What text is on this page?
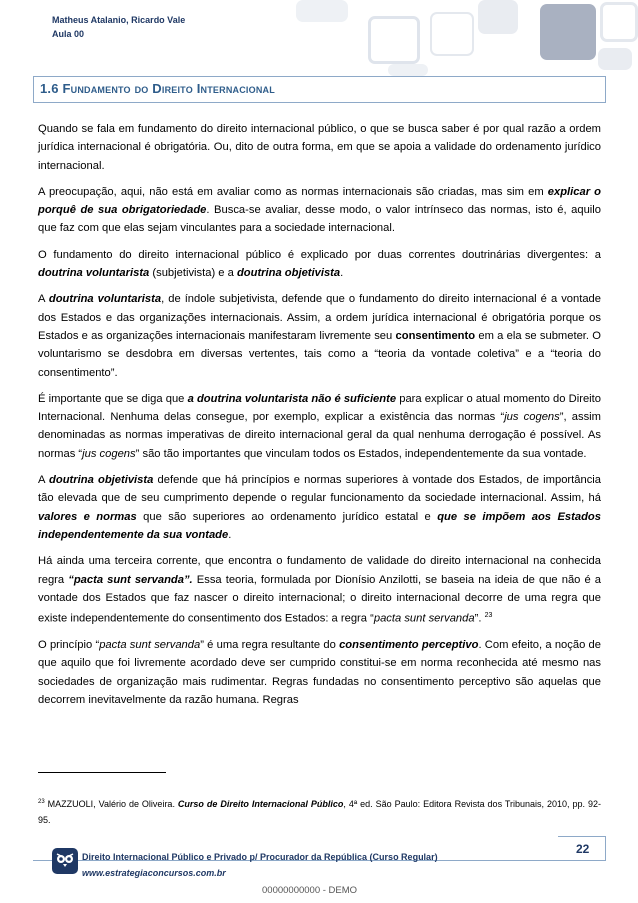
Matheus Atalanio, Ricardo Vale
Aula 00
1.6 Fundamento do Direito Internacional

Quando se fala em fundamento do direito internacional público, o que se busca saber é por qual razão a ordem jurídica internacional é obrigatória. Ou, dito de outra forma, em que se apoia a validade do ordenamento jurídico internacional.

A preocupação, aqui, não está em avaliar como as normas internacionais são criadas, mas sim em explicar o porquê de sua obrigatoriedade. Busca-se avaliar, desse modo, o valor intrínseco das normas, isto é, aquilo que faz com que elas sejam vinculantes para a sociedade internacional.

O fundamento do direito internacional público é explicado por duas correntes doutrinárias divergentes: a doutrina voluntarista (subjetivista) e a doutrina objetivista.

A doutrina voluntarista, de índole subjetivista, defende que o fundamento do direito internacional é a vontade dos Estados e das organizações internacionais. Assim, a ordem jurídica internacional é obrigatória porque os Estados e as organizações internacionais manifestaram livremente seu consentimento em a ela se submeter. O voluntarismo se desdobra em diversas vertentes, tais como a “teoria da vontade coletiva” e a “teoria do consentimento”.

É importante que se diga que a doutrina voluntarista não é suficiente para explicar o atual momento do Direito Internacional. Nenhuma delas consegue, por exemplo, explicar a existência das normas “jus cogens”, assim denominadas as normas imperativas de direito internacional geral da qual nenhuma derrogação é possível. As normas “jus cogens” são tão importantes que vinculam todos os Estados, independentemente da sua vontade.

A doutrina objetivista defende que há princípios e normas superiores à vontade dos Estados, de importância tão elevada que de seu cumprimento depende o regular funcionamento da sociedade internacional. Assim, há valores e normas que são superiores ao ordenamento jurídico estatal e que se impõem aos Estados independentemente da sua vontade.

Há ainda uma terceira corrente, que encontra o fundamento de validade do direito internacional na conhecida regra “pacta sunt servanda”. Essa teoria, formulada por Dionísio Anzilotti, se baseia na ideia de que não é a vontade dos Estados que faz nascer o direito internacional; o direito internacional decorre de uma regra que existe independentemente do consentimento dos Estados: a regra “pacta sunt servanda”. $^{23}$

O princípio “pacta sunt servanda” é uma regra resultante do consentimento perceptivo. Com efeito, a noção de que aquilo que foi livremente acordado deve ser cumprido constitui-se em norma reconhecida até mesmo nas sociedades de organização mais rudimentar. Regras fundadas no consentimento perceptivo são aquelas que decorrem inevitavelmente da razão humana. Regras

$^{23}$ MAZZUOLI, Valério de Oliveira. Curso de Direito Internacional Público, 4ª ed. São Paulo: Editora Revista dos Tribunais, 2010, pp. 92-95.
22
Direito Internacional Público e Privado p/ Procurador da República (Curso Regular)
www.estrategiaconcursos.com.br
00000000000 - DEMO
